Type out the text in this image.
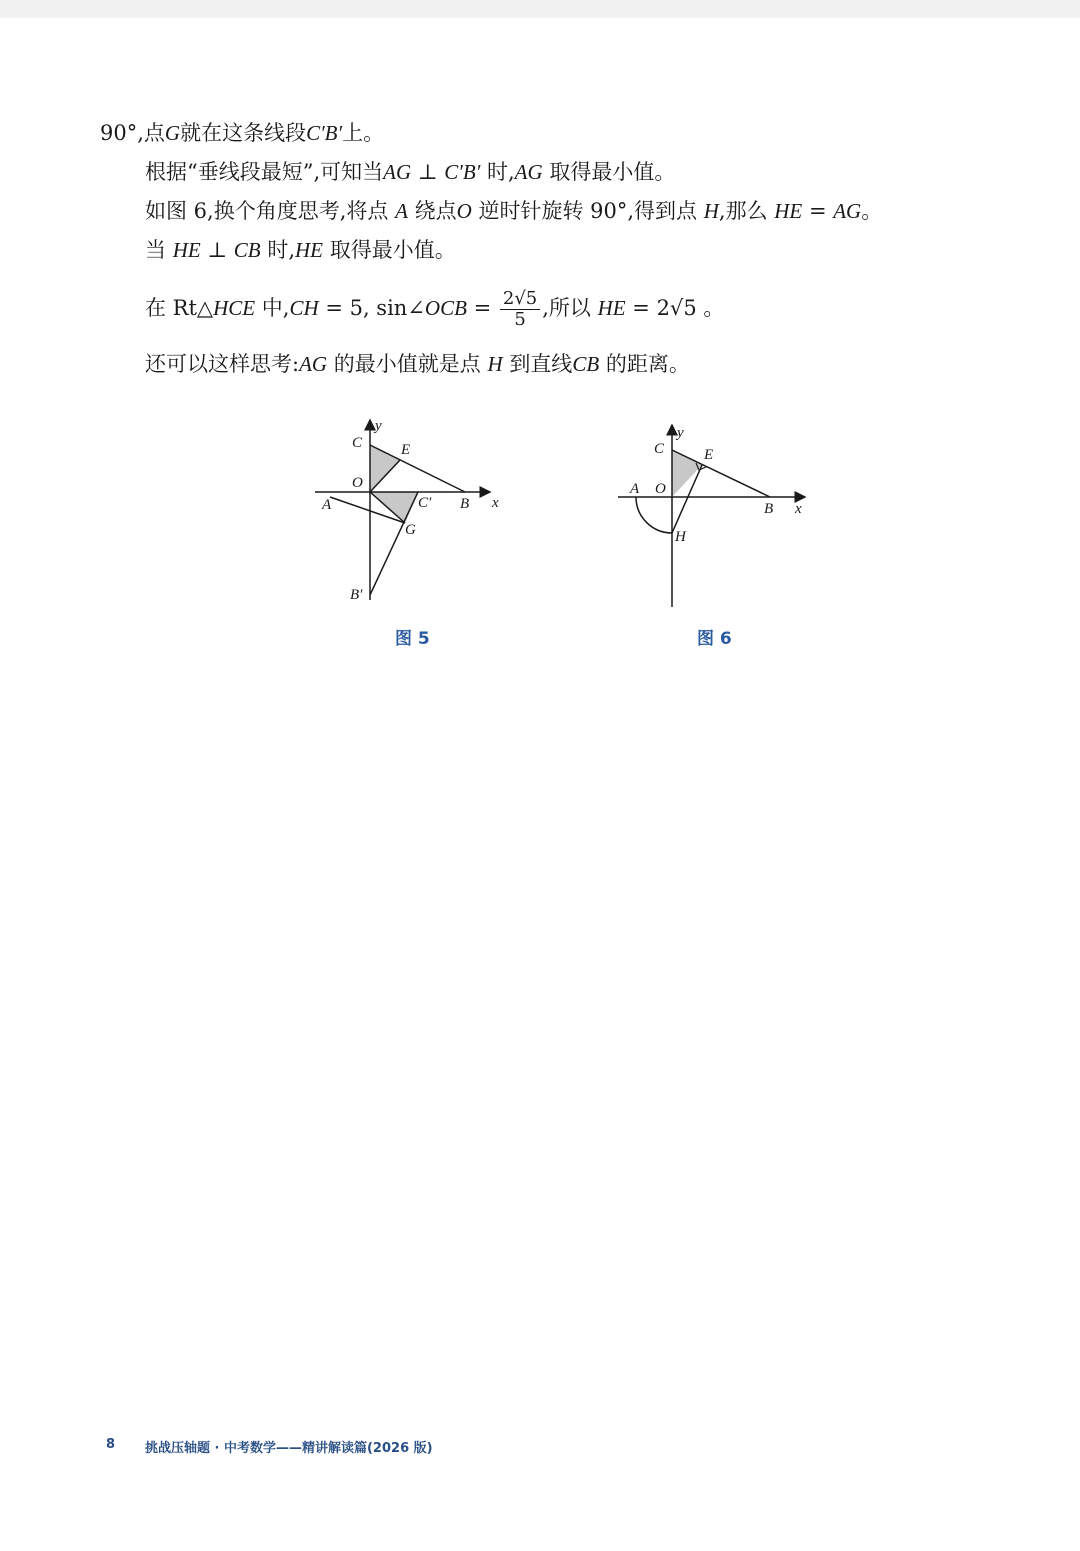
90°,点G就在这条线段C′B′上。
根据“垂线段最短”,可知当AG ⊥ C′B′ 时,AG 取得最小值。
如图 6,换个角度思考,将点 A 绕点O 逆时针旋转 90°,得到点 H,那么 HE = AG。
当 HE ⊥ CB 时,HE 取得最小值。
在 Rt△HCE 中,CH = 5, sin∠OCB = $\frac{2√5}{5}$ ,所以 HE = 2√5 。
还可以这样思考:AG 的最小值就是点 H 到直线CB 的距离。
y
C	E
O
A	C′ B x
G
B′
图 5
y
C	E
A O
B x
H
图 6
8 挑战压轴题 · 中考数学——精讲解读篇(2026 版)
